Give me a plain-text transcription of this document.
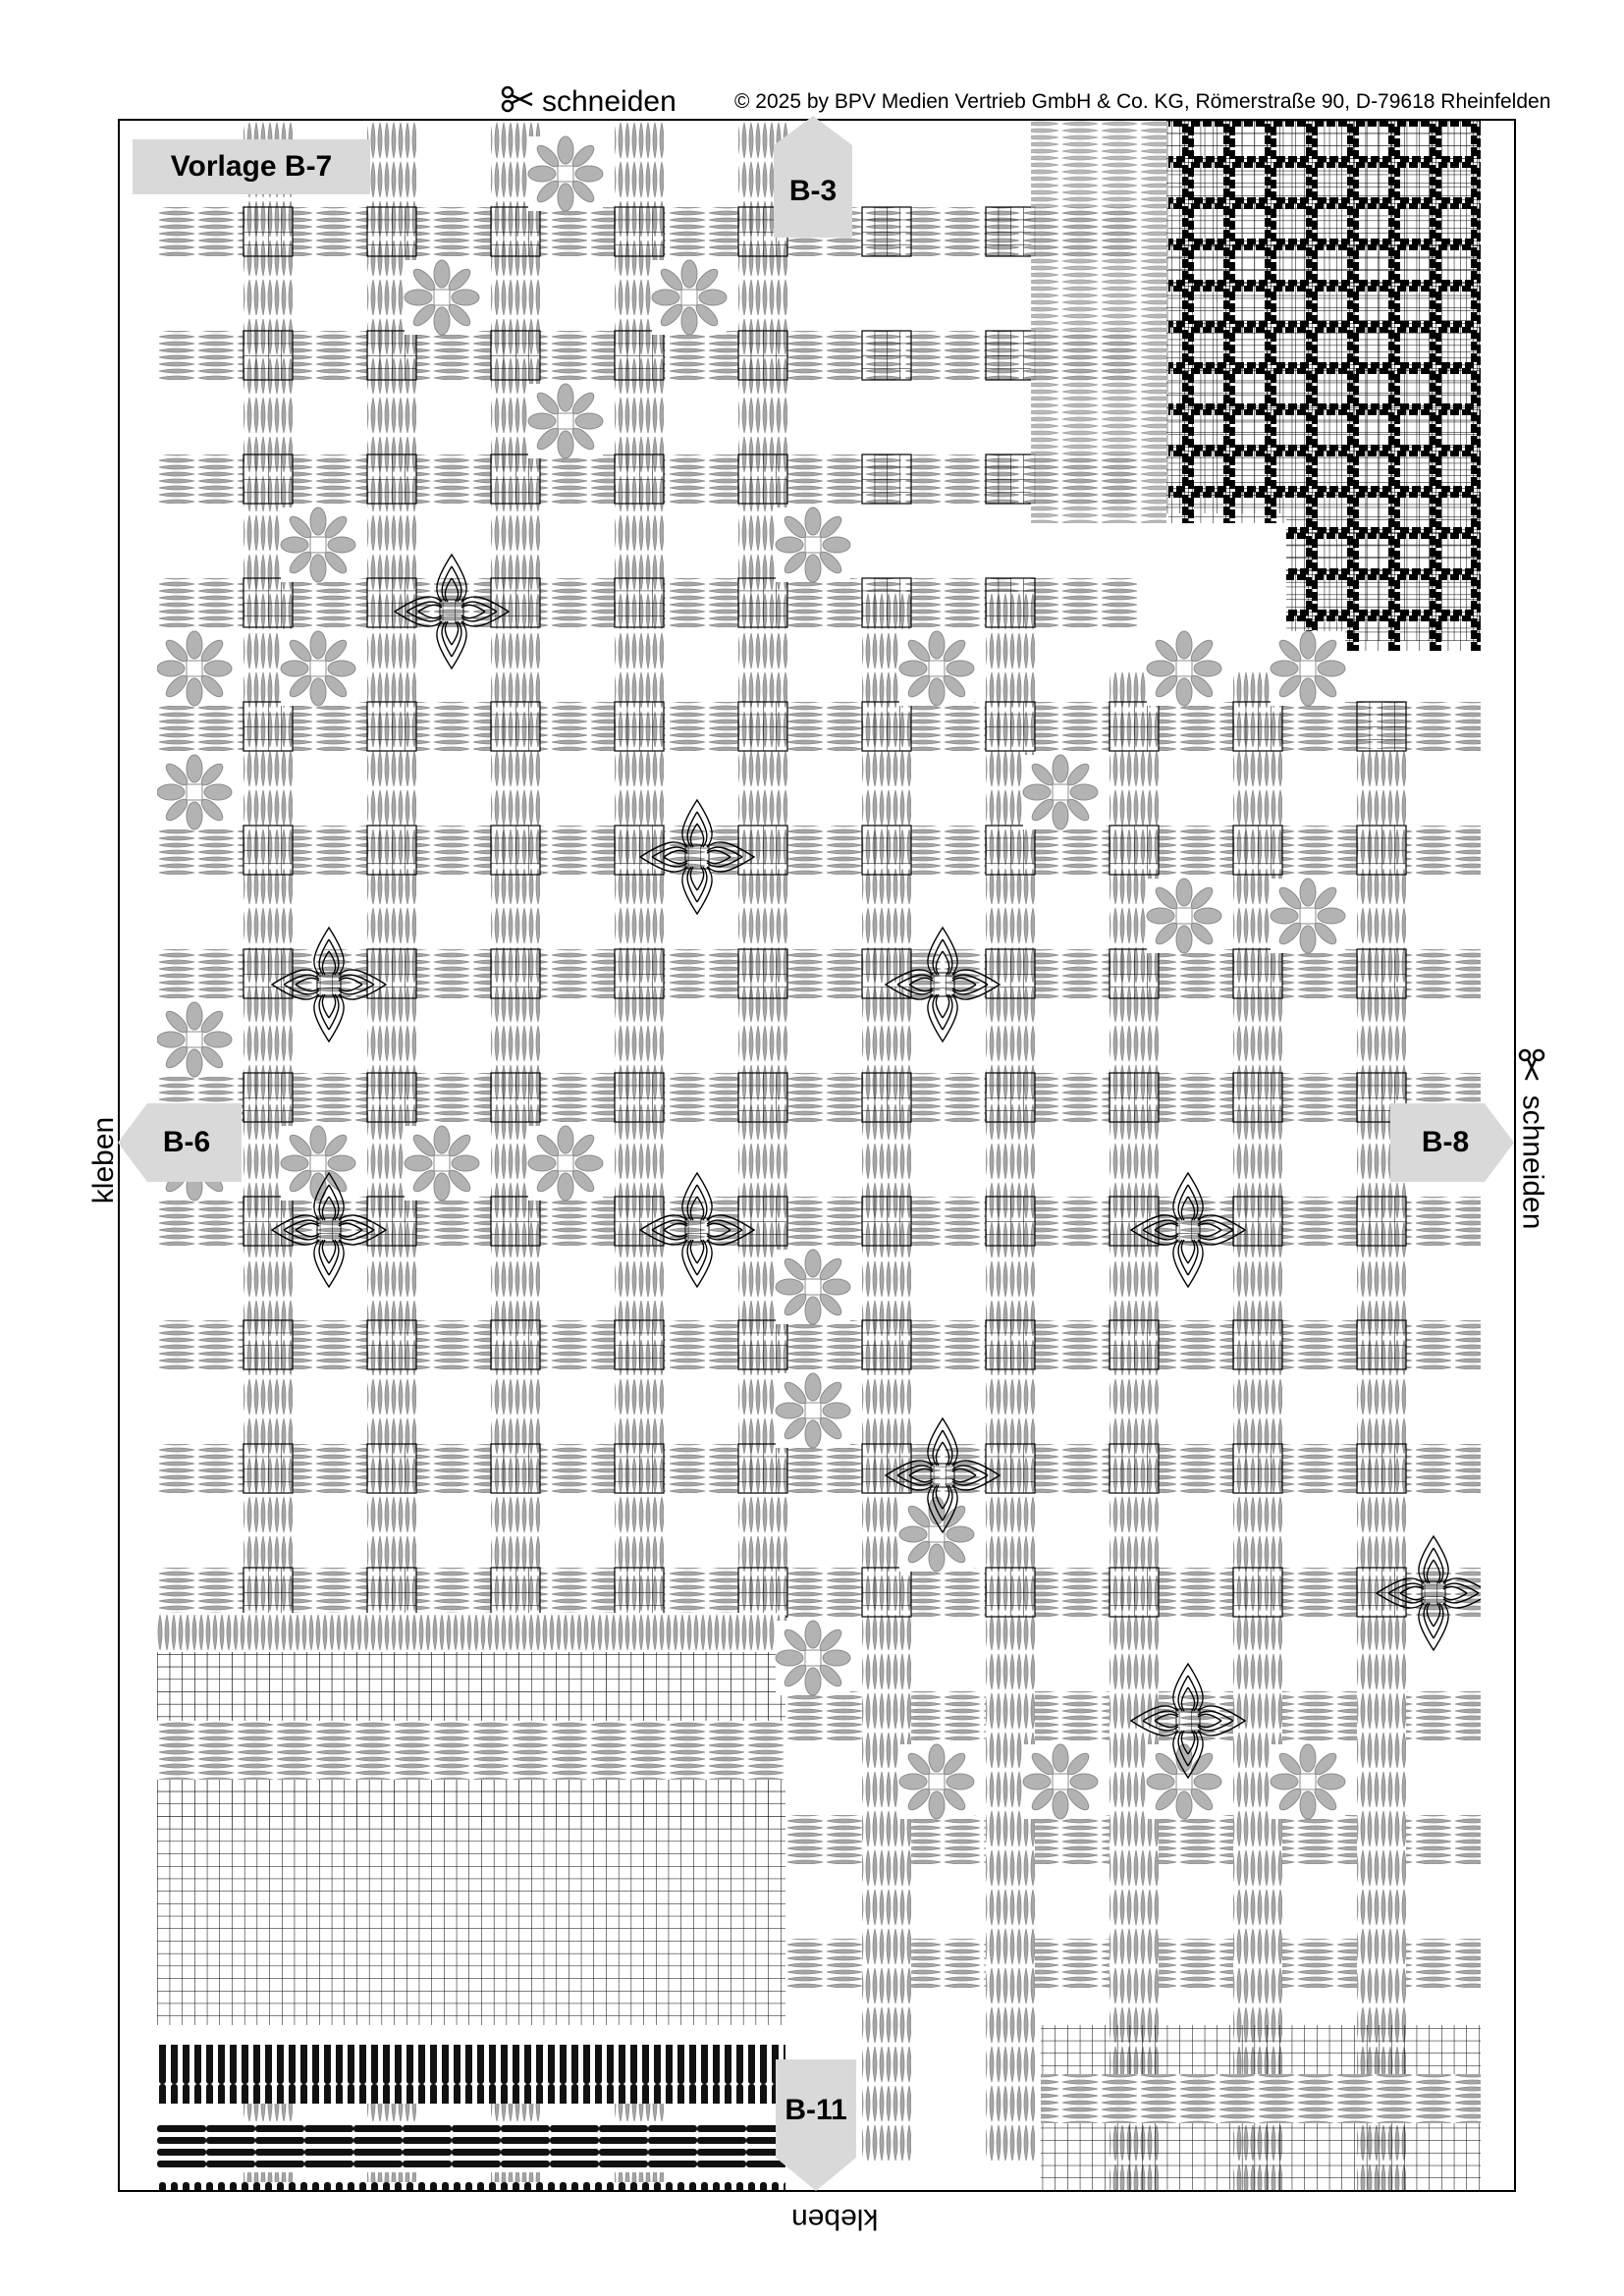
schneiden	© 2025 by BPV Medien Vertrieb GmbH & Co. KG, Römerstraße 90, D-79618 Rheinfelden
Vorlage B-7
B-3
B-6	B-8
B-11
kleben	schneiden
kleben
